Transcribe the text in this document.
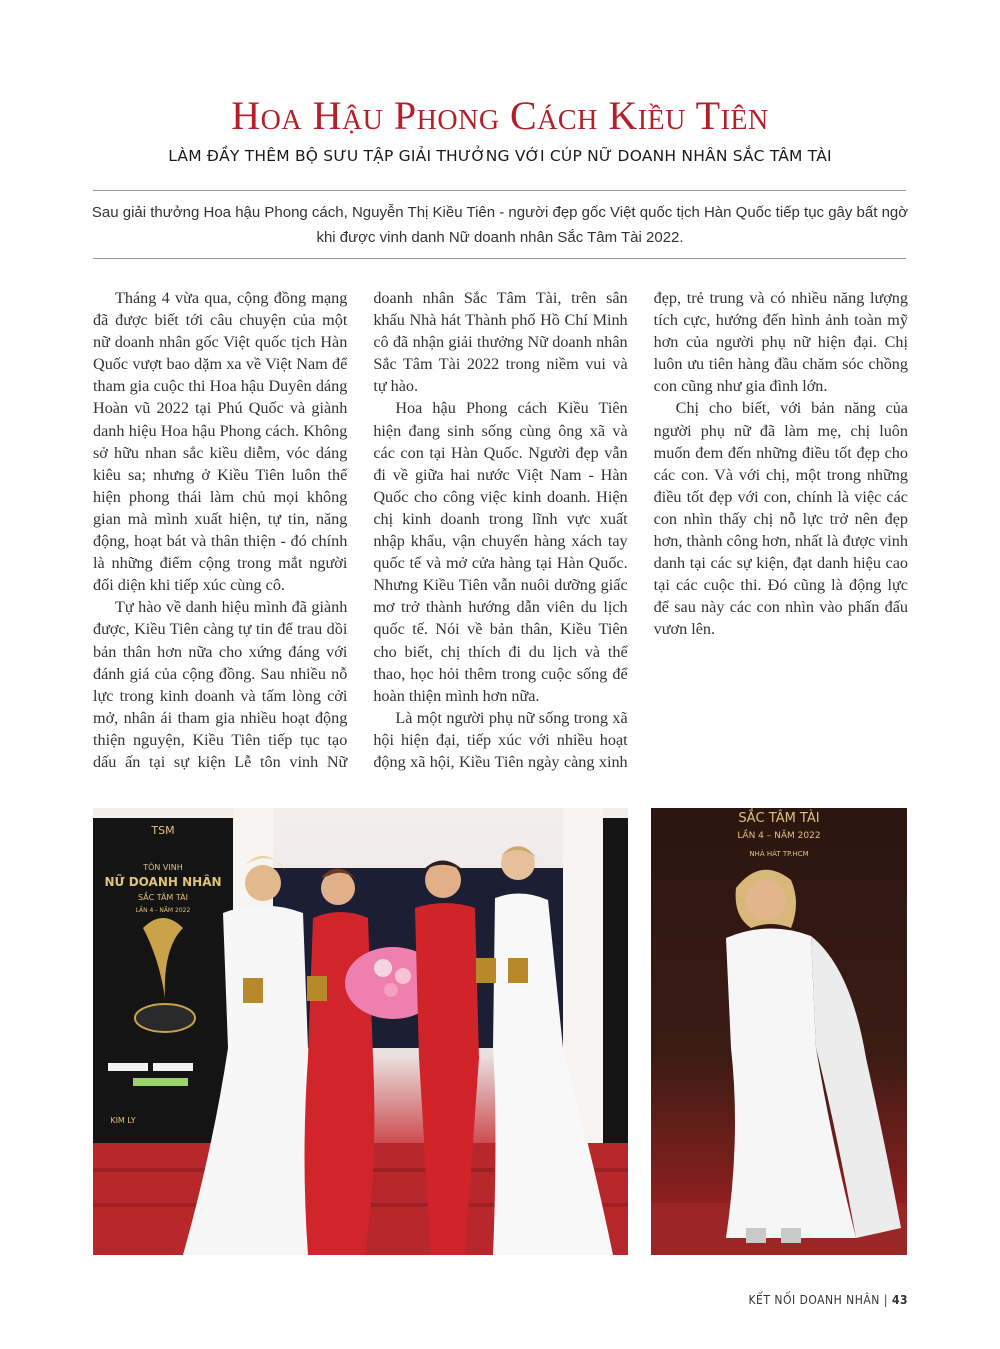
Hoa Hậu Phong Cách Kiều Tiên
LÀM ĐẦY THÊM BỘ SƯU TẬP GIẢI THƯỞNG VỚI CÚP NỮ DOANH NHÂN SẮC TÂM TÀI
Sau giải thưởng Hoa hậu Phong cách, Nguyễn Thị Kiều Tiên - người đẹp gốc Việt quốc tịch Hàn Quốc tiếp tục gây bất ngờ khi được vinh danh Nữ doanh nhân Sắc Tâm Tài 2022.

Tháng 4 vừa qua, cộng đồng mạng đã được biết tới câu chuyện của một nữ doanh nhân gốc Việt quốc tịch Hàn Quốc vượt bao dặm xa về Việt Nam để tham gia cuộc thi Hoa hậu Duyên dáng Hoàn vũ 2022 tại Phú Quốc và giành danh hiệu Hoa hậu Phong cách. Không sở hữu nhan sắc kiều diễm, vóc dáng kiêu sa; nhưng ở Kiều Tiên luôn thể hiện phong thái làm chủ mọi không gian mà mình xuất hiện, tự tin, năng động, hoạt bát và thân thiện - đó chính là những điểm cộng trong mắt người đối diện khi tiếp xúc cùng cô.

Tự hào về danh hiệu mình đã giành được, Kiều Tiên càng tự tin để trau dồi bản thân hơn nữa cho xứng đáng với đánh giá của cộng đồng. Sau nhiều nỗ lực trong kinh doanh và tấm lòng cởi mở, nhân ái tham gia nhiều hoạt động thiện nguyện, Kiều Tiên tiếp tục tạo dấu ấn tại sự kiện Lễ tôn vinh Nữ doanh nhân Sắc Tâm Tài, trên sân khấu Nhà hát Thành phố Hồ Chí Minh cô đã nhận giải thưởng Nữ doanh nhân Sắc Tâm Tài 2022 trong niềm vui và tự hào.

Hoa hậu Phong cách Kiều Tiên hiện đang sinh sống cùng ông xã và các con tại Hàn Quốc. Người đẹp vẫn đi về giữa hai nước Việt Nam - Hàn Quốc cho công việc kinh doanh. Hiện chị kinh doanh trong lĩnh vực xuất nhập khẩu, vận chuyển hàng xách tay quốc tế và mở cửa hàng tại Hàn Quốc. Nhưng Kiều Tiên vẫn nuôi dưỡng giấc mơ trở thành hướng dẫn viên du lịch quốc tế. Nói về bản thân, Kiều Tiên cho biết, chị thích đi du lịch và thể thao, học hỏi thêm trong cuộc sống để hoàn thiện mình hơn nữa.

Là một người phụ nữ sống trong xã hội hiện đại, tiếp xúc với nhiều hoạt động xã hội, Kiều Tiên ngày càng xinh đẹp, trẻ trung và có nhiều năng lượng tích cực, hướng đến hình ảnh toàn mỹ hơn của người phụ nữ hiện đại. Chị luôn ưu tiên hàng đầu chăm sóc chồng con cũng như gia đình lớn.

Chị cho biết, với bản năng của người phụ nữ đã làm mẹ, chị luôn muốn đem đến những điều tốt đẹp cho các con. Và với chị, một trong những điều tốt đẹp với con, chính là việc các con nhìn thấy chị nỗ lực trở nên đẹp hơn, thành công hơn, nhất là được vinh danh tại các sự kiện, đạt danh hiệu cao tại các cuộc thi. Đó cũng là động lực để sau này các con nhìn vào phấn đấu vươn lên.

TSM
TÔN VINH
NỮ DOANH NHÂN
SẮC TÂM TÀI
LẦN 4 - NĂM 2022
KIM LY
SẮC TÂM TÀI
LẦN 4 – NĂM 2022
NHÀ HÁT TP.HCM
KẾT NỐI DOANH NHÂN | 43
